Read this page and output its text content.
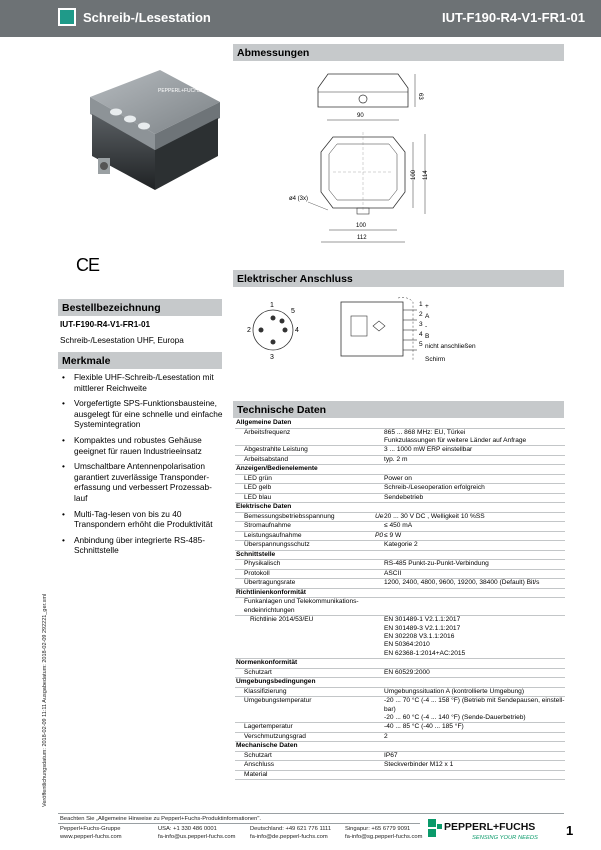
Schreib-/Lesestation	IUT-F190-R4-V1-FR1-01
Veröffentlichungsdatum: 2018-02-09 11:11 Ausgabedatum: 2018-02-09 292221_ger.xml
PEPPERL+FUCHS
CE
Bestellbezeichnung
IUT-F190-R4-V1-FR1-01
Schreib-/Lesestation UHF, Europa
Merkmale
• Flexible UHF-Schreib-/Lesestation mit mittlerer Reichweite
• Vorgefertigte SPS-Funktionsbausteine, ausgelegt für eine schnelle und einfache Systemintegration
• Kompaktes und robustes Gehäuse geeignet für rauen Industrieeinsatz
• Umschaltbare Antennenpolarisation garantiert zuverlässige Transponder-erfassung und verbessert Prozessab-lauf
• Multi-Tag-lesen von bis zu 40 Transpondern erhöht die Produktivität
• Anbindung über integrierte RS-485-Schnittstelle
Abmessungen
63
90
100 114
ø4 (3x)
100
112
Elektrischer Anschluss
1
2
3
4
5
1
2
3
4
5
+
A
-
B
nicht anschließen
Schirm
Technische Daten
Allgemeine Daten
Arbeitsfrequenz	865 ... 868 MHz: EU, Türkei
Funkzulassungen für weitere Länder auf Anfrage
Abgestrahlte Leistung	3 ... 1000 mW ERP einstellbar
Arbeitsabstand	typ. 2 m
Anzeigen/Bedienelemente
LED grün	Power on
LED gelb	Schreib-/Leseoperation erfolgreich
LED blau	Sendebetrieb
Elektrische Daten
Bemessungsbetriebsspannung	Ue 20 ... 30 V DC , Welligkeit 10 %SS
Stromaufnahme	≤ 450 mA
Leistungsaufnahme	P0 ≤ 9 W
Überspannungsschutz	Kategorie 2
Schnittstelle
Physikalisch	RS-485 Punkt-zu-Punkt-Verbindung
Protokoll	ASCII
Übertragungsrate	1200, 2400, 4800, 9600, 19200, 38400 (Default) Bit/s
Richtlinienkonformität
Funkanlagen und Telekommunikations-
endeinrichtungen
Richtlinie 2014/53/EU	EN 301489-1 V2.1.1:2017
EN 301489-3 V2.1.1:2017
EN 302208 V3.1.1:2016
EN 50364:2010
EN 62368-1:2014+AC:2015
Normenkonformität
Schutzart	EN 60529:2000
Umgebungsbedingungen
Klassifizierung	Umgebungssituation A (kontrollierte Umgebung)
Umgebungstemperatur	-20 ... 70 °C (-4 ... 158 °F) (Betrieb mit Sendepausen, einstell-
bar)
-20 ... 60 °C (-4 ... 140 °F) (Sende-Dauerbetrieb)
Lagertemperatur	-40 ... 85 °C (-40 ... 185 °F)
Verschmutzungsgrad	2
Mechanische Daten
Schutzart	IP67
Anschluss	Steckverbinder M12 x 1
Material
Beachten Sie „Allgemeine Hinweise zu Pepperl+Fuchs-Produktinformationen".
Pepperl+Fuchs-Gruppe
www.pepperl-fuchs.com
USA: +1 330 486 0001
fa-info@us.pepperl-fuchs.com
Deutschland: +49 621 776 1111
fa-info@de.pepperl-fuchs.com
Singapur: +65 6779 9091
fa-info@sg.pepperl-fuchs.com
PEPPERL+FUCHS
SENSING YOUR NEEDS 1
